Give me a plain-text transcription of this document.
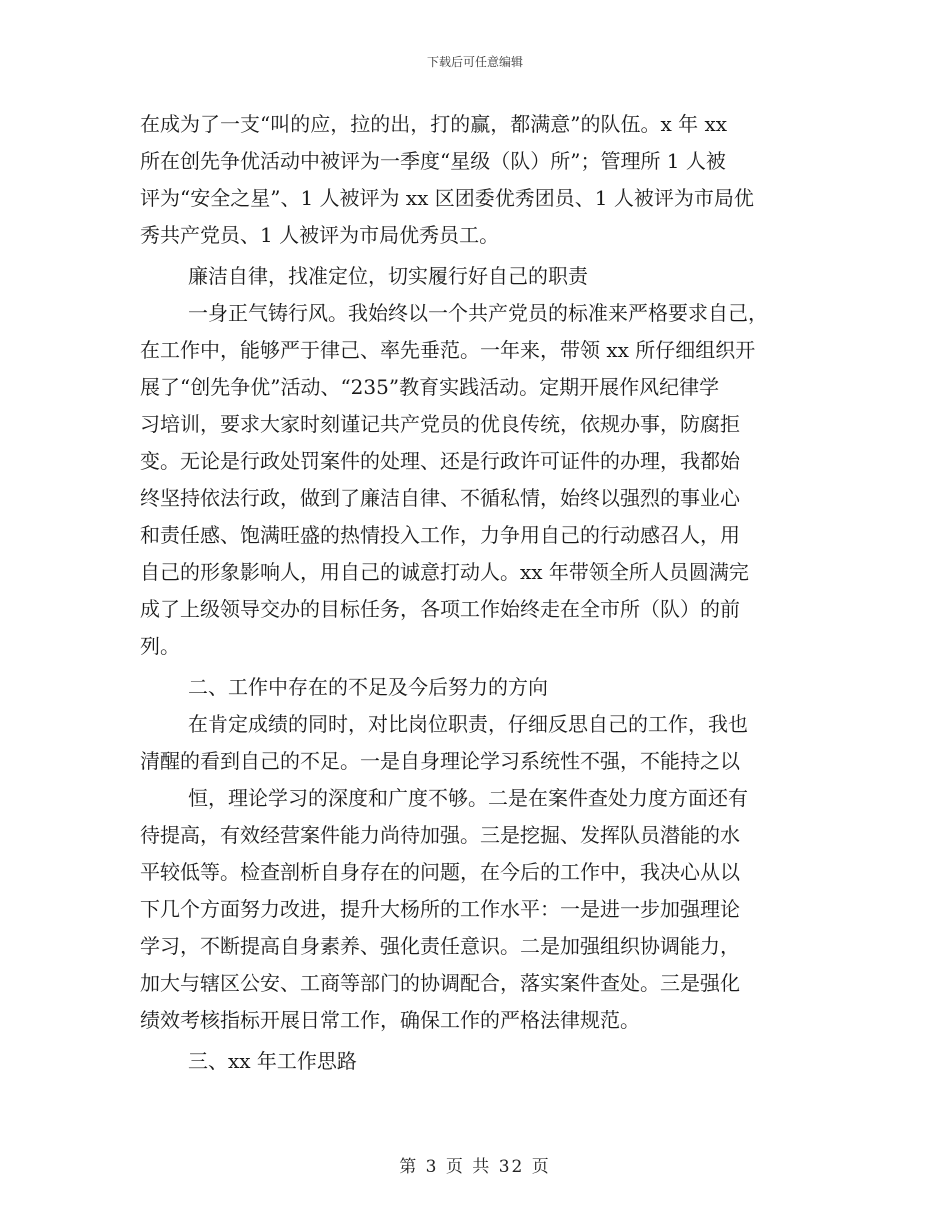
下载后可任意编辑
在成为了一支“叫的应，拉的出，打的赢，都满意”的队伍。x 年 xx
所在创先争优活动中被评为一季度“星级（队）所”；管理所 1 人被
评为“安全之星”、1 人被评为 xx 区团委优秀团员、1 人被评为市局优
秀共产党员、1 人被评为市局优秀员工。
廉洁自律，找准定位，切实履行好自己的职责
一身正气铸行风。我始终以一个共产党员的标准来严格要求自己，
在工作中，能够严于律己、率先垂范。一年来，带领 xx 所仔细组织开
展了“创先争优”活动、“235”教育实践活动。定期开展作风纪律学
习培训，要求大家时刻谨记共产党员的优良传统，依规办事，防腐拒
变。无论是行政处罚案件的处理、还是行政许可证件的办理，我都始
终坚持依法行政，做到了廉洁自律、不循私情，始终以强烈的事业心
和责任感、饱满旺盛的热情投入工作，力争用自己的行动感召人，用
自己的形象影响人，用自己的诚意打动人。xx 年带领全所人员圆满完
成了上级领导交办的目标任务，各项工作始终走在全市所（队）的前
列。
二、工作中存在的不足及今后努力的方向
在肯定成绩的同时，对比岗位职责，仔细反思自己的工作，我也
清醒的看到自己的不足。一是自身理论学习系统性不强，不能持之以
恒，理论学习的深度和广度不够。二是在案件查处力度方面还有
待提高，有效经营案件能力尚待加强。三是挖掘、发挥队员潜能的水
平较低等。检查剖析自身存在的问题，在今后的工作中，我决心从以
下几个方面努力改进，提升大杨所的工作水平：一是进一步加强理论
学习，不断提高自身素养、强化责任意识。二是加强组织协调能力，
加大与辖区公安、工商等部门的协调配合，落实案件查处。三是强化
绩效考核指标开展日常工作，确保工作的严格法律规范。
三、xx 年工作思路
第 3 页 共 32 页
